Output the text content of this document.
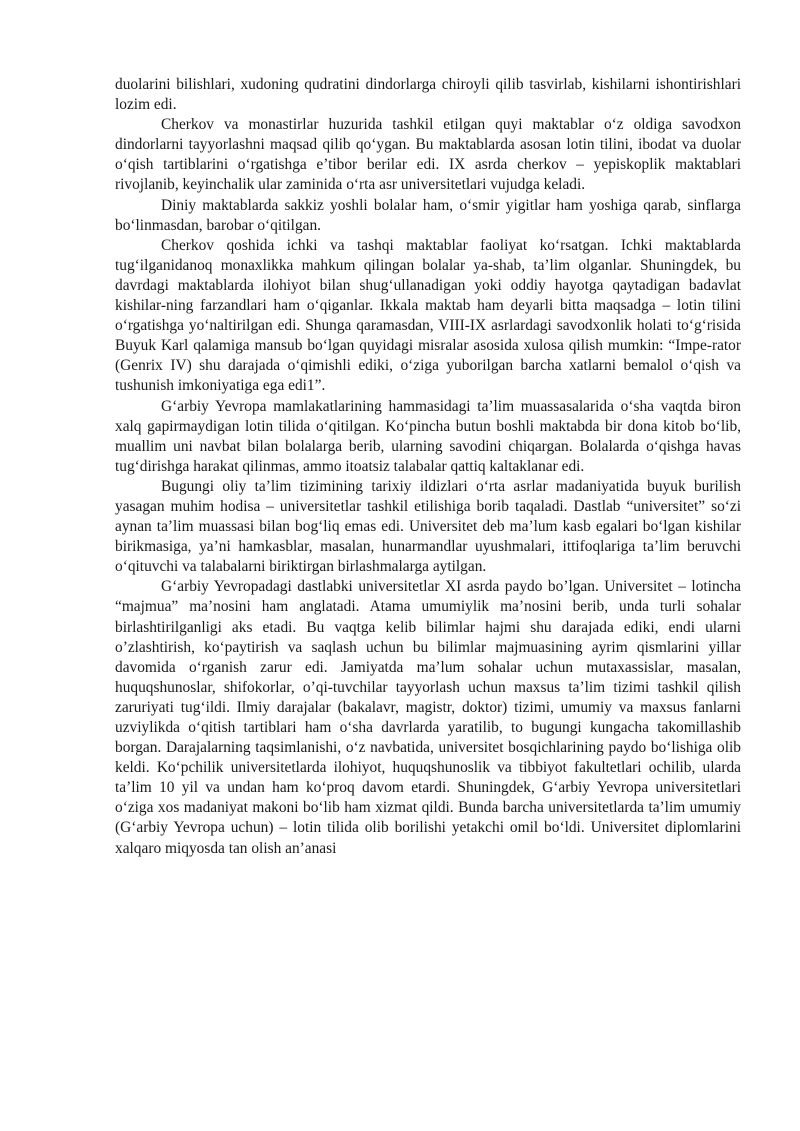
duolarini bilishlari, xudoning qudratini dindorlarga chiroyli qilib tasvirlab, kishilarni ishontirishlari lozim edi.

Cherkov va monastirlar huzurida tashkil etilgan quyi maktablar o‘z oldiga savodxon dindorlarni tayyorlashni maqsad qilib qo‘ygan. Bu maktablarda asosan lotin tilini, ibodat va duolar o‘qish tartiblarini o‘rgatishga e’tibor berilar edi. IX asrda cherkov – yepiskoplik maktablari rivojlanib, keyinchalik ular zaminida o‘rta asr universitetlari vujudga keladi.

Diniy maktablarda sakkiz yoshli bolalar ham, o‘smir yigitlar ham yoshiga qarab, sinflarga bo‘linmasdan, barobar o‘qitilgan.

Cherkov qoshida ichki va tashqi maktablar faoliyat ko‘rsatgan. Ichki maktablarda tug‘ilganidanoq monaxlikka mahkum qilingan bolalar ya-shab, ta’lim olganlar. Shuningdek, bu davrdagi maktablarda ilohiyot bilan shug‘ullanadigan yoki oddiy hayotga qaytadigan badavlat kishilar-ning farzandlari ham o‘qiganlar. Ikkala maktab ham deyarli bitta maqsadga – lotin tilini o‘rgatishga yo‘naltirilgan edi. Shunga qaramasdan, VIII-IX asrlardagi savodxonlik holati to‘g‘risida Buyuk Karl qalamiga mansub bo‘lgan quyidagi misralar asosida xulosa qilish mumkin: “Impe-rator (Genrix IV) shu darajada o‘qimishli ediki, o‘ziga yuborilgan barcha xatlarni bemalol o‘qish va tushunish imkoniyatiga ega edi1”.

G‘arbiy Yevropa mamlakatlarining hammasidagi ta’lim muassasalarida o‘sha vaqtda biron xalq gapirmaydigan lotin tilida o‘qitilgan. Ko‘pincha butun boshli maktabda bir dona kitob bo‘lib, muallim uni navbat bilan bolalarga berib, ularning savodini chiqargan. Bolalarda o‘qishga havas tug‘dirishga harakat qilinmas, ammo itoatsiz talabalar qattiq kaltaklanar edi.

Bugungi oliy ta’lim tizimining tarixiy ildizlari o‘rta asrlar madaniyatida buyuk burilish yasagan muhim hodisa – universitetlar tashkil etilishiga borib taqaladi. Dastlab “universitet” so‘zi aynan ta’lim muassasi bilan bog‘liq emas edi. Universitet deb ma’lum kasb egalari bo‘lgan kishilar birikmasiga, ya’ni hamkasblar, masalan, hunarmandlar uyushmalari, ittifoqlariga ta’lim beruvchi o‘qituvchi va talabalarni biriktirgan birlashmalarga aytilgan.

G‘arbiy Yevropadagi dastlabki universitetlar XI asrda paydo bo’lgan. Universitet – lotincha “majmua” ma’nosini ham anglatadi. Atama umumiylik ma’nosini berib, unda turli sohalar birlashtirilganligi aks etadi. Bu vaqtga kelib bilimlar hajmi shu darajada ediki, endi ularni o’zlashtirish, ko‘paytirish va saqlash uchun bu bilimlar majmuasining ayrim qismlarini yillar davomida o‘rganish zarur edi. Jamiyatda ma’lum sohalar uchun mutaxassislar, masalan, huquqshunoslar, shifokorlar, o’qi-tuvchilar tayyorlash uchun maxsus ta’lim tizimi tashkil qilish zaruriyati tug‘ildi. Ilmiy darajalar (bakalavr, magistr, doktor) tizimi, umumiy va maxsus fanlarni uzviylikda o‘qitish tartiblari ham o‘sha davrlarda yaratilib, to bugungi kungacha takomillashib borgan. Darajalarning taqsimlanishi, o‘z navbatida, universitet bosqichlarining paydo bo‘lishiga olib keldi. Ko‘pchilik universitetlarda ilohiyot, huquqshunoslik va tibbiyot fakultetlari ochilib, ularda ta’lim 10 yil va undan ham ko‘proq davom etardi. Shuningdek, G‘arbiy Yevropa universitetlari o‘ziga xos madaniyat makoni bo‘lib ham xizmat qildi. Bunda barcha universitetlarda ta’lim umumiy (G‘arbiy Yevropa uchun) – lotin tilida olib borilishi yetakchi omil bo‘ldi. Universitet diplomlarini xalqaro miqyosda tan olish an’anasi
